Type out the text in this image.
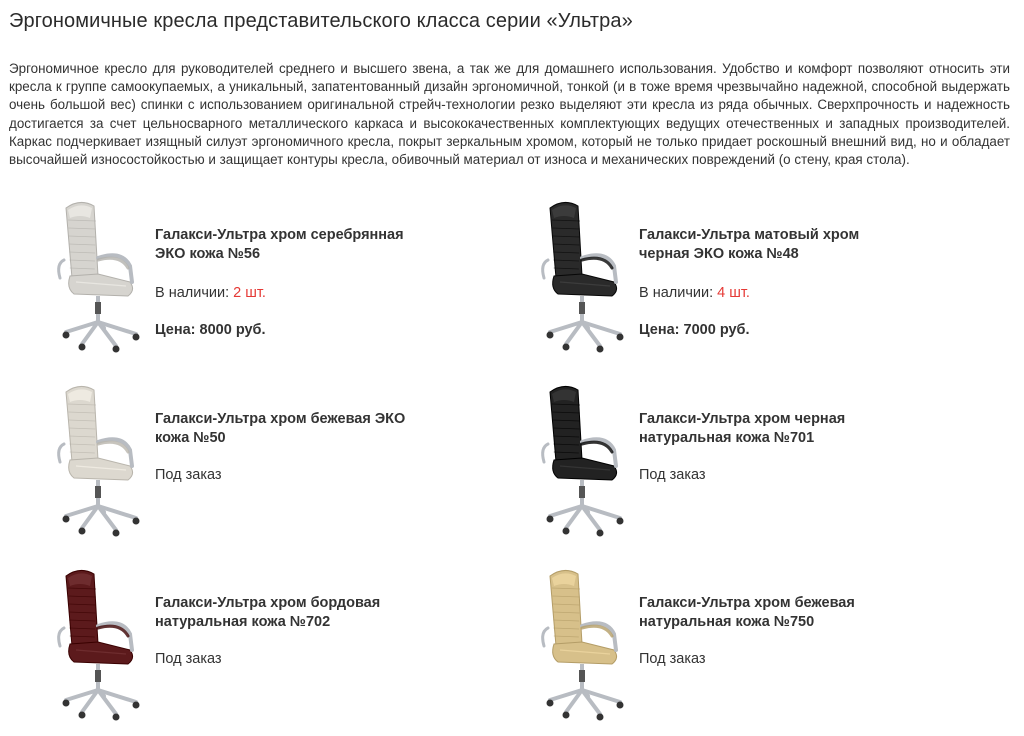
Эргономичные кресла представительского класса серии «Ультра»

Эргономичное кресло для руководителей среднего и высшего звена, а так же для домашнего использования. Удобство и комфорт позволяют относить эти кресла к группе самоокупаемых, а уникальный, запатентованный дизайн эргономичной, тонкой (и в тоже время чрезвычайно надежной, способной выдержать очень большой вес) спинки с использованием оригинальной стрейч-технологии резко выделяют эти кресла из ряда обычных. Сверхпрочность и надежность достигается за счет цельносварного металлического каркаса и высококачественных комплектующих ведущих отечественных и западных производителей. Каркас подчеркивает изящный силуэт эргономичного кресла, покрыт зеркальным хромом, который не только придает роскошный внешний вид, но и обладает высочайшей износостойкостью и защищает контуры кресла, обивочный материал от износа и механических повреждений (о стену, края стола).

Галакси-Ультра хром серебрянная
ЭКО кожа №56

В наличии: 2 шт.

Цена: 8000 руб.

Галакси-Ультра матовый хром
черная ЭКО кожа №48

В наличии: 4 шт.

Цена: 7000 руб.

Галакси-Ультра хром бежевая ЭКО
кожа №50

Под заказ

Галакси-Ультра хром черная
натуральная кожа №701

Под заказ

Галакси-Ультра хром бордовая
натуральная кожа №702

Под заказ

Галакси-Ультра хром бежевая
натуральная кожа №750

Под заказ
